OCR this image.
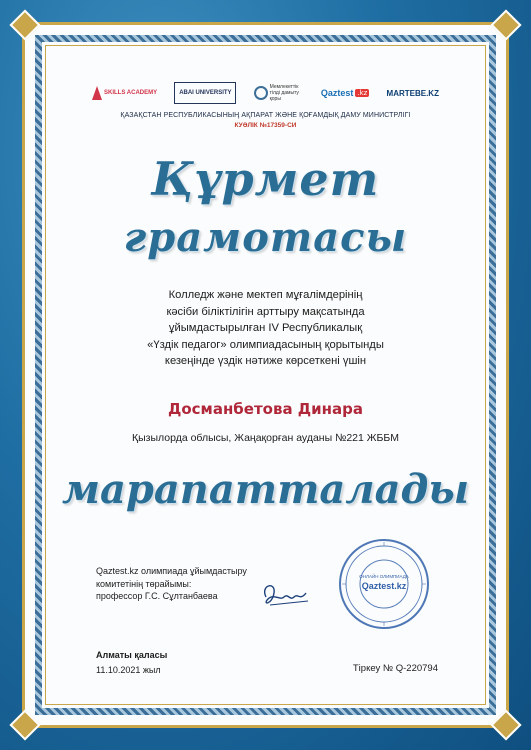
SKILLS ACADEMY	ABAI UNIVERSITY
Мемлекеттік тілді дамыту қоры
Qaztest .kz MARTEBE.KZ
ҚАЗАҚСТАН РЕСПУБЛИКАСЫНЫҢ АҚПАРАТ ЖӘНЕ ҚОҒАМДЫҚ ДАМУ МИНИСТРЛІГІ
КУӘЛІК №17359-СИ
Құрмет
грамотасы
Колледж және мектеп мұғалімдерінің
кәсіби біліктілігін арттыру мақсатында
ұйымдастырылған IV Республикалық
«Үздік педагог» олимпиадасының қорытынды
кезеңінде үздік нәтиже көрсеткені үшін
Досманбетова Динара
Қызылорда облысы, Жаңақорған ауданы №221 ЖББМ
марапатталады
Qaztest.kz олимпиада ұйымдастыру
комитетінің төрайымы:
профессор Г.С. Сұлтанбаева
ОНЛАЙН ОЛИМПИАДА
Qaztest.kz
Алматы қаласы
11.10.2021 жыл	Тіркеу № Q-220794
